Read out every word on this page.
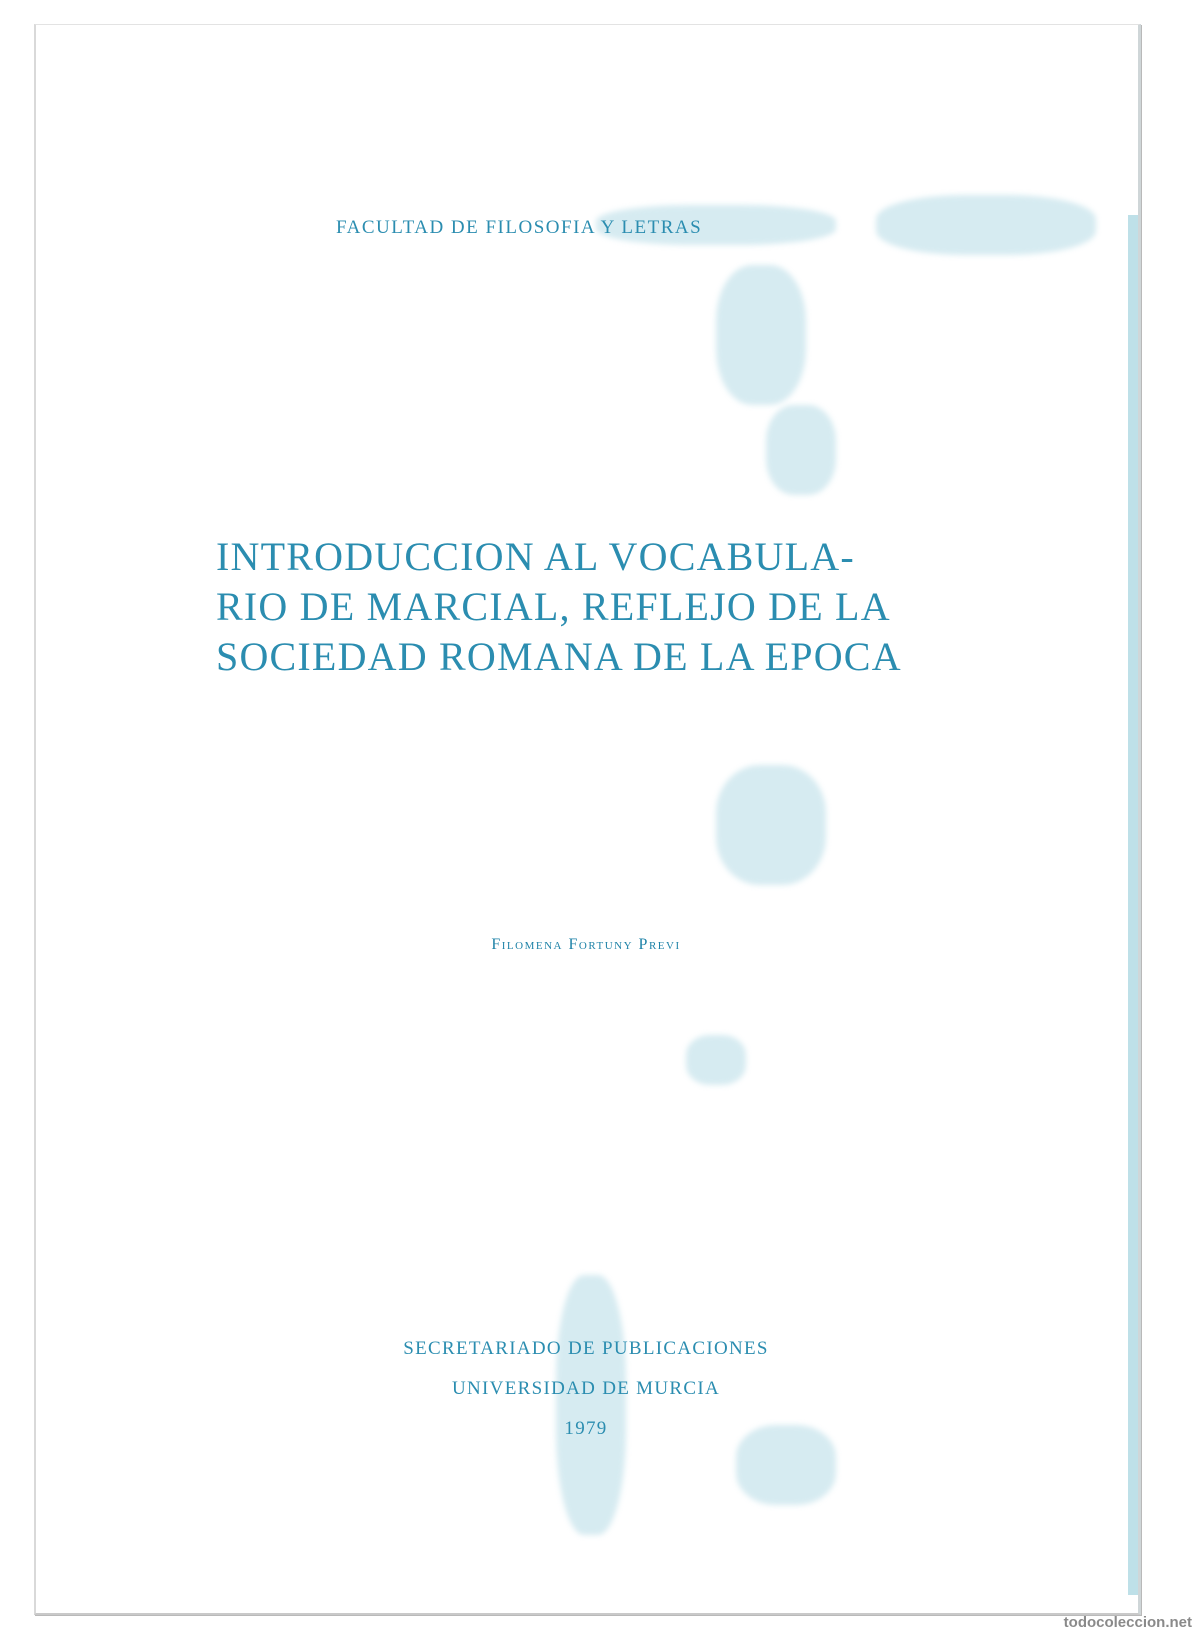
FACULTAD DE FILOSOFIA Y LETRAS
INTRODUCCION AL VOCABULA-
RIO DE MARCIAL, REFLEJO DE LA
SOCIEDAD ROMANA DE LA EPOCA
Filomena Fortuny Previ
SECRETARIADO DE PUBLICACIONES
UNIVERSIDAD DE MURCIA
1979
todocoleccion.net
